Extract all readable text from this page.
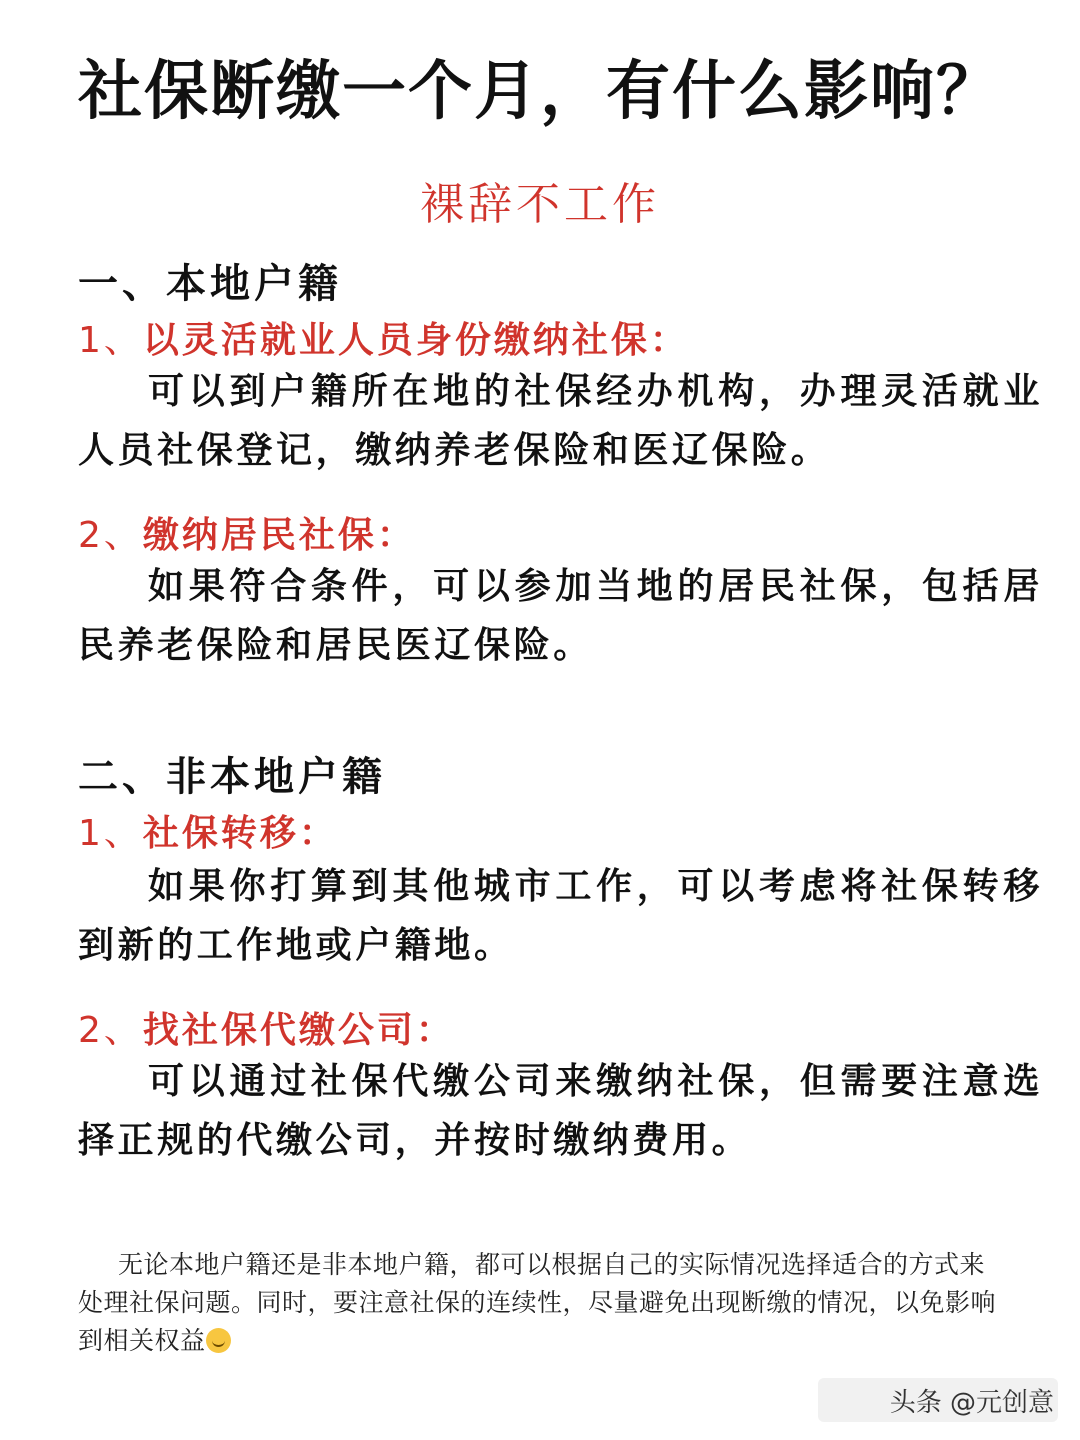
社保断缴一个月，有什么影响？
裸辞不工作
一、本地户籍
1、以灵活就业人员身份缴纳社保：
可以到户籍所在地的社保经办机构，办理灵活就业人员社保登记，缴纳养老保险和医辽保险。
2、缴纳居民社保：
如果符合条件，可以参加当地的居民社保，包括居民养老保险和居民医辽保险。
二、非本地户籍
1、社保转移：
如果你打算到其他城市工作，可以考虑将社保转移到新的工作地或户籍地。
2、找社保代缴公司：
可以通过社保代缴公司来缴纳社保，但需要注意选择正规的代缴公司，并按时缴纳费用。
无论本地户籍还是非本地户籍，都可以根据自己的实际情况选择适合的方式来处理社保问题。同时，要注意社保的连续性，尽量避免出现断缴的情况，以免影响到相关权益
头条 @元创意
